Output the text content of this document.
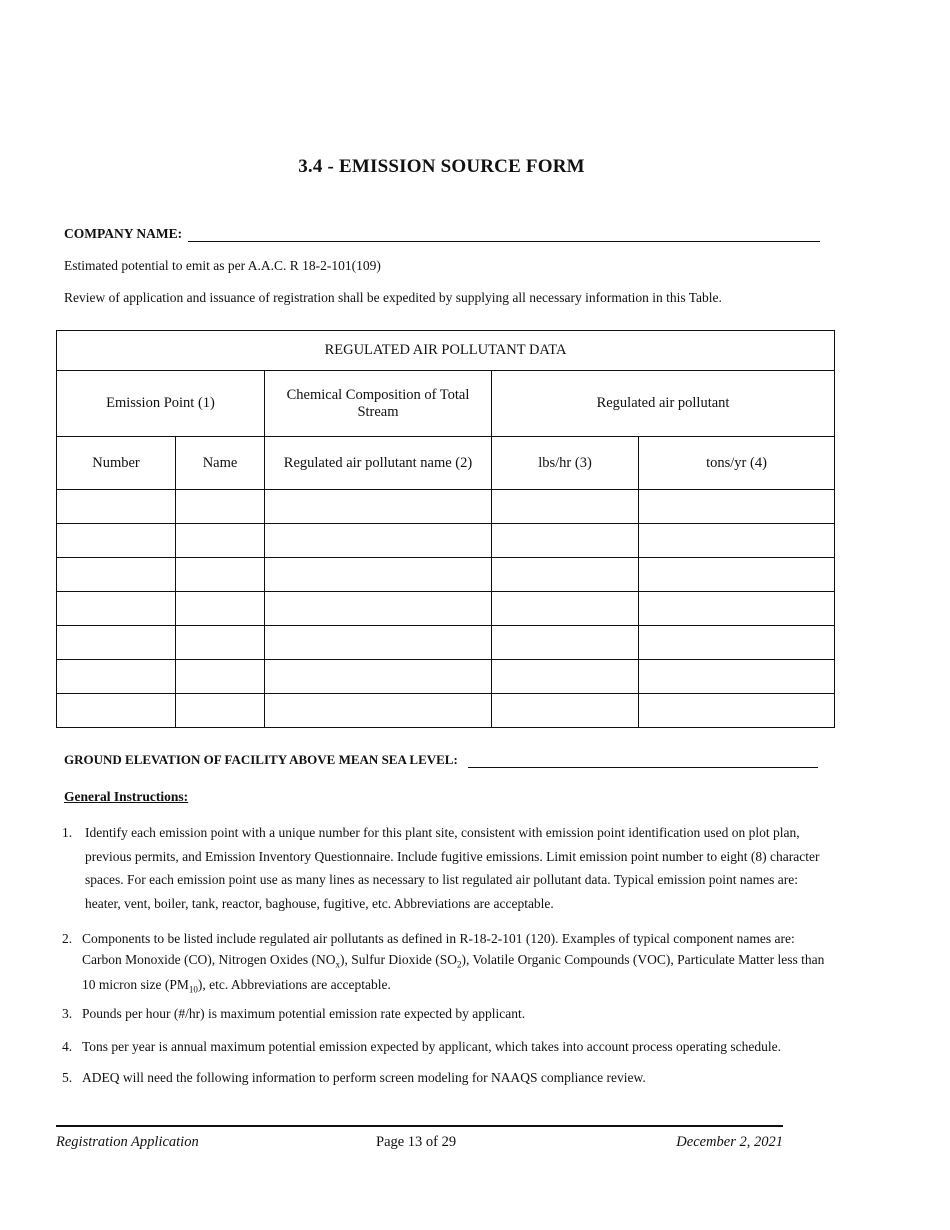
3.4 - EMISSION SOURCE FORM
COMPANY NAME:
Estimated potential to emit as per A.A.C. R 18-2-101(109)
Review of application and issuance of registration shall be expedited by supplying all necessary information in this Table.
REGULATED AIR POLLUTANT DATA				
Emission Point (1)		Chemical Composition of Total Stream	Regulated air pollutant	
Number	Name	Regulated air pollutant name (2)	lbs/hr (3)	tons/yr (4)

GROUND ELEVATION OF FACILITY ABOVE MEAN SEA LEVEL:
General Instructions:
1. Identify each emission point with a unique number for this plant site, consistent with emission point identification used on plot plan, previous permits, and Emission Inventory Questionnaire. Include fugitive emissions. Limit emission point number to eight (8) character spaces. For each emission point use as many lines as necessary to list regulated air pollutant data. Typical emission point names are: heater, vent, boiler, tank, reactor, baghouse, fugitive, etc. Abbreviations are acceptable.
2. Components to be listed include regulated air pollutants as defined in R-18-2-101 (120). Examples of typical component names are: Carbon Monoxide (CO), Nitrogen Oxides $(NO_x)$, Sulfur Dioxide $(SO_2)$, Volatile Organic Compounds (VOC), Particulate Matter less than 10 micron size $(PM_{10})$, etc. Abbreviations are acceptable.
3. Pounds per hour (#/hr) is maximum potential emission rate expected by applicant.
4. Tons per year is annual maximum potential emission expected by applicant, which takes into account process operating schedule.
5. ADEQ will need the following information to perform screen modeling for NAAQS compliance review.
Registration Application	Page 13 of 29	December 2, 2021
